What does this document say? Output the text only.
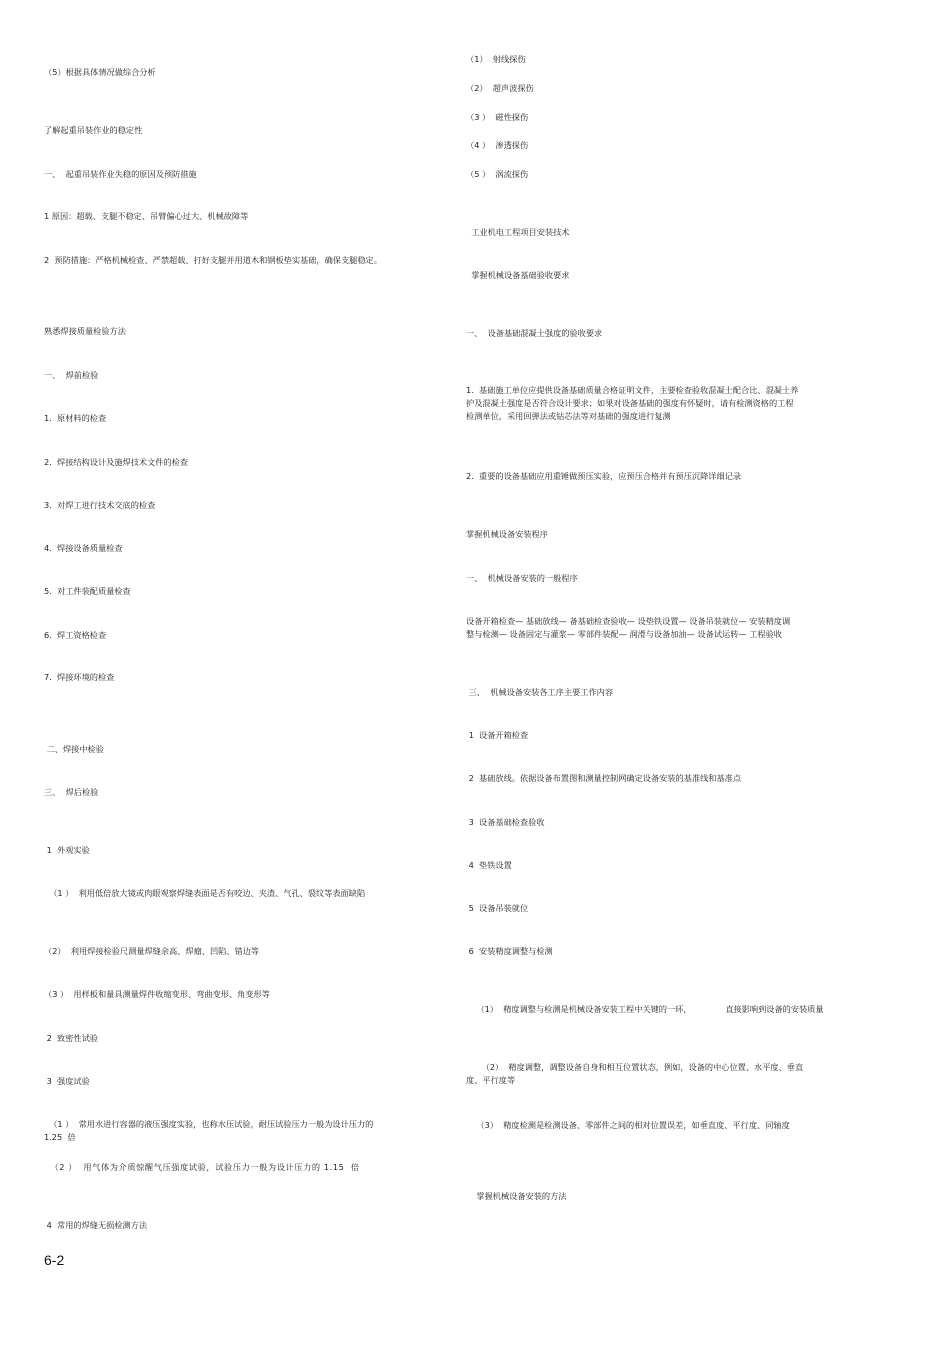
（5）根据具体情况做综合分析

了解起重吊装作业的稳定性

一、  起重吊装作业失稳的原因及预防措施

1 原因：超载、支腿不稳定、吊臂偏心过大、机械故障等

2  预防措施：严格机械检查、严禁超载、打好支腿并用道木和钢板垫实基础，确保支腿稳定。

熟悉焊接质量检验方法

一、  焊前检验

1.  原材料的检查

2.  焊接结构设计及施焊技术文件的检查

3.  对焊工进行技术交底的检查

4.  焊接设备质量检查

5.  对工件装配质量检查

6.  焊工资格检查

7.  焊接环境的检查

二、焊接中检验

三、  焊后检验

1  外观实验

（1 ）  利用低倍放大镜或肉眼观察焊缝表面是否有咬边、夹渣、气孔、裂纹等表面缺陷

（2）  利用焊接检验尺测量焊缝余高、焊瘤、凹陷、错边等

（3 ）  用样板和量具测量焊件收缩变形、弯曲变形、角变形等

2  致密性试验

3  强度试验

（1 ）  常用水进行容器的液压强度实验，也称水压试验，耐压试验压力一般为设计压力的    1.25  倍

（2 ）  用气体为介质惊醒气压强度试验，试验压力一般为设计压力的 1.15  倍

4  常用的焊缝无损检测方法

6-2

（1）  射线探伤

（2）  超声波探伤

（3 ）  磁性探伤

（4 ）  渗透探伤

（5 ）  涡流探伤

工业机电工程项目安装技术

掌握机械设备基础验收要求

一、  设备基础混凝土强度的验收要求

1.  基础施工单位应提供设备基础质量合格证明文件，主要检查验收混凝土配合比、混凝土养护及混凝土强度是否符合设计要求；如果对设备基础的强度有怀疑时，请有检测资格的工程检测单位，采用回弹法或钻芯法等对基础的强度进行复测

2.  重要的设备基础应用重锤做预压实验，应预压合格并有预压沉降详细记录

掌握机械设备安装程序

一、  机械设备安装的一般程序

设备开箱检查— 基础放线— 备基础检查验收— 设垫铁设置— 设备吊装就位— 安装精度调整与检测— 设备固定与灌浆— 零部件装配— 润滑与设备加油— 设备试运转— 工程验收

三、  机械设备安装各工序主要工作内容

1  设备开箱检查

2  基础放线。依据设备布置图和测量控制网确定设备安装的基准线和基准点

3  设备基础检查验收

4  垫铁设置

5  设备吊装就位

6  安装精度调整与检测

（1）  精度调整与检测是机械设备安装工程中关键的一环，             直接影响到设备的安装质量

（2）  精度调整，调整设备自身和相互位置状态，例如，设备的中心位置、水平度、垂直度、平行度等

（3）  精度检测是检测设备、零部件之间的相对位置误差，如垂直度、平行度、同轴度

掌握机械设备安装的方法
